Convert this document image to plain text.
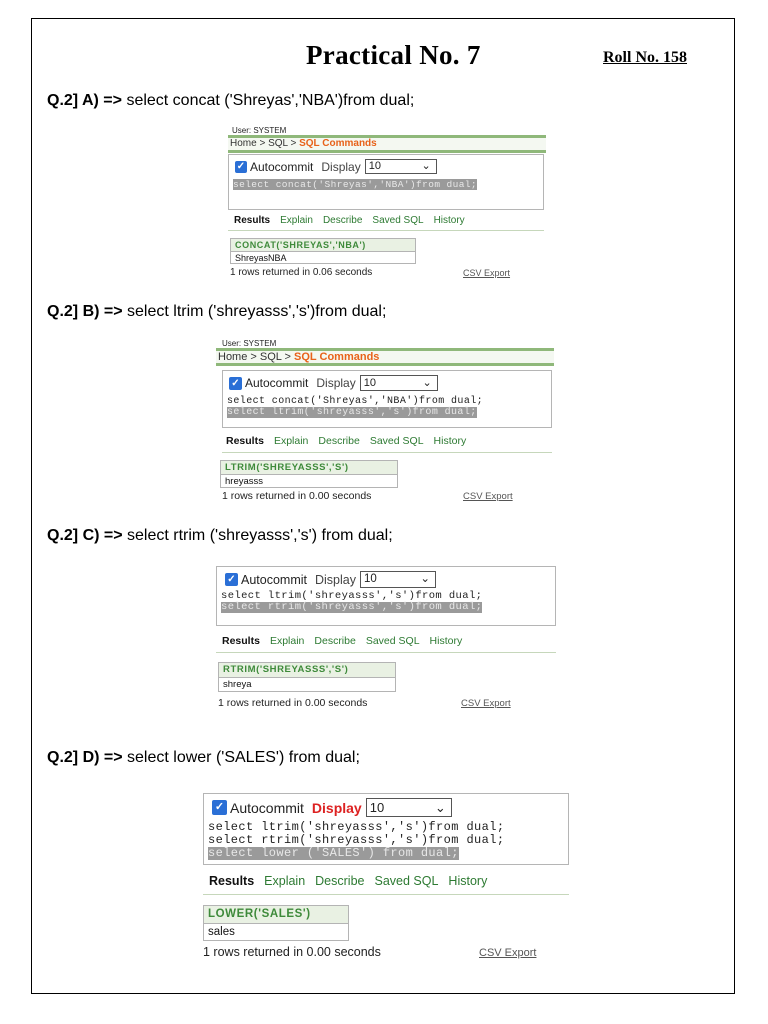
Practical No. 7	Roll No. 158
Q.2] A) => select concat ('Shreyas','NBA')from dual;
User: SYSTEM
Home > SQL > SQL Commands
✓ Autocommit Display 10	⌄
select concat('Shreyas','NBA')from dual;
Results Explain Describe Saved SQL History
CONCAT('SHREYAS','NBA')
ShreyasNBA
1 rows returned in 0.06 seconds	CSV Export
Q.2] B) => select ltrim ('shreyasss','s')from dual;
User: SYSTEM
Home > SQL > SQL Commands
✓ Autocommit Display 10	⌄
select concat('Shreyas','NBA')from dual;
select ltrim('shreyasss','s')from dual;
Results Explain Describe Saved SQL History
LTRIM('SHREYASSS','S')
hreyasss
1 rows returned in 0.00 seconds	CSV Export
Q.2] C) => select rtrim ('shreyasss','s') from dual;
✓ Autocommit Display 10	⌄
select ltrim('shreyasss','s')from dual;
select rtrim('shreyasss','s')from dual;
Results Explain Describe Saved SQL History
RTRIM('SHREYASSS','S')
shreya
1 rows returned in 0.00 seconds	CSV Export
Q.2] D) => select lower ('SALES') from dual;
✓ Autocommit Display 10	⌄
select ltrim('shreyasss','s')from dual;
select rtrim('shreyasss','s')from dual;
select lower ('SALES') from dual;
Results Explain Describe Saved SQL History
LOWER('SALES')
sales
1 rows returned in 0.00 seconds	CSV Export
